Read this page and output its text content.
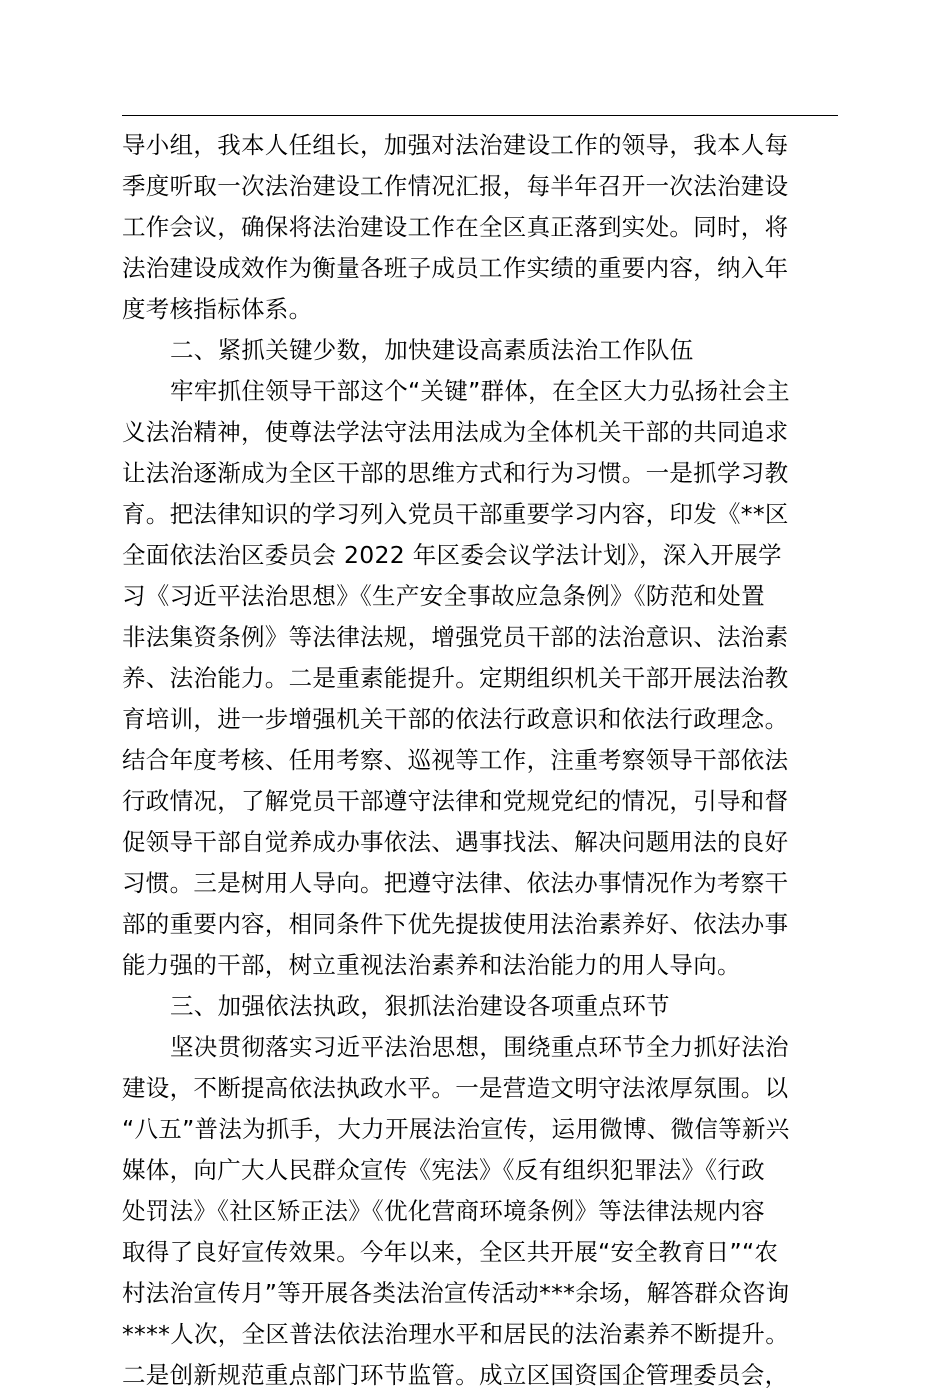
导小组，我本人任组长，加强对法治建设工作的领导，我本人每
季度听取一次法治建设工作情况汇报，每半年召开一次法治建设
工作会议，确保将法治建设工作在全区真正落到实处。同时，将
法治建设成效作为衡量各班子成员工作实绩的重要内容，纳入年
度考核指标体系。
二、紧抓关键少数，加快建设高素质法治工作队伍
牢牢抓住领导干部这个“关键”群体，在全区大力弘扬社会主
义法治精神，使尊法学法守法用法成为全体机关干部的共同追求
让法治逐渐成为全区干部的思维方式和行为习惯。一是抓学习教
育。把法律知识的学习列入党员干部重要学习内容，印发《**区
全面依法治区委员会 2022 年区委会议学法计划》，深入开展学
习《习近平法治思想》《生产安全事故应急条例》《防范和处置
非法集资条例》等法律法规，增强党员干部的法治意识、法治素
养、法治能力。二是重素能提升。定期组织机关干部开展法治教
育培训，进一步增强机关干部的依法行政意识和依法行政理念。
结合年度考核、任用考察、巡视等工作，注重考察领导干部依法
行政情况，了解党员干部遵守法律和党规党纪的情况，引导和督
促领导干部自觉养成办事依法、遇事找法、解决问题用法的良好
习惯。三是树用人导向。把遵守法律、依法办事情况作为考察干
部的重要内容，相同条件下优先提拔使用法治素养好、依法办事
能力强的干部，树立重视法治素养和法治能力的用人导向。
三、加强依法执政，狠抓法治建设各项重点环节
坚决贯彻落实习近平法治思想，围绕重点环节全力抓好法治
建设，不断提高依法执政水平。一是营造文明守法浓厚氛围。以
“八五”普法为抓手，大力开展法治宣传，运用微博、微信等新兴
媒体，向广大人民群众宣传《宪法》《反有组织犯罪法》《行政
处罚法》《社区矫正法》《优化营商环境条例》等法律法规内容
取得了良好宣传效果。今年以来，全区共开展“安全教育日”“农
村法治宣传月”等开展各类法治宣传活动***余场，解答群众咨询
****人次，全区普法依法治理水平和居民的法治素养不断提升。
二是创新规范重点部门环节监管。成立区国资国企管理委员会，
